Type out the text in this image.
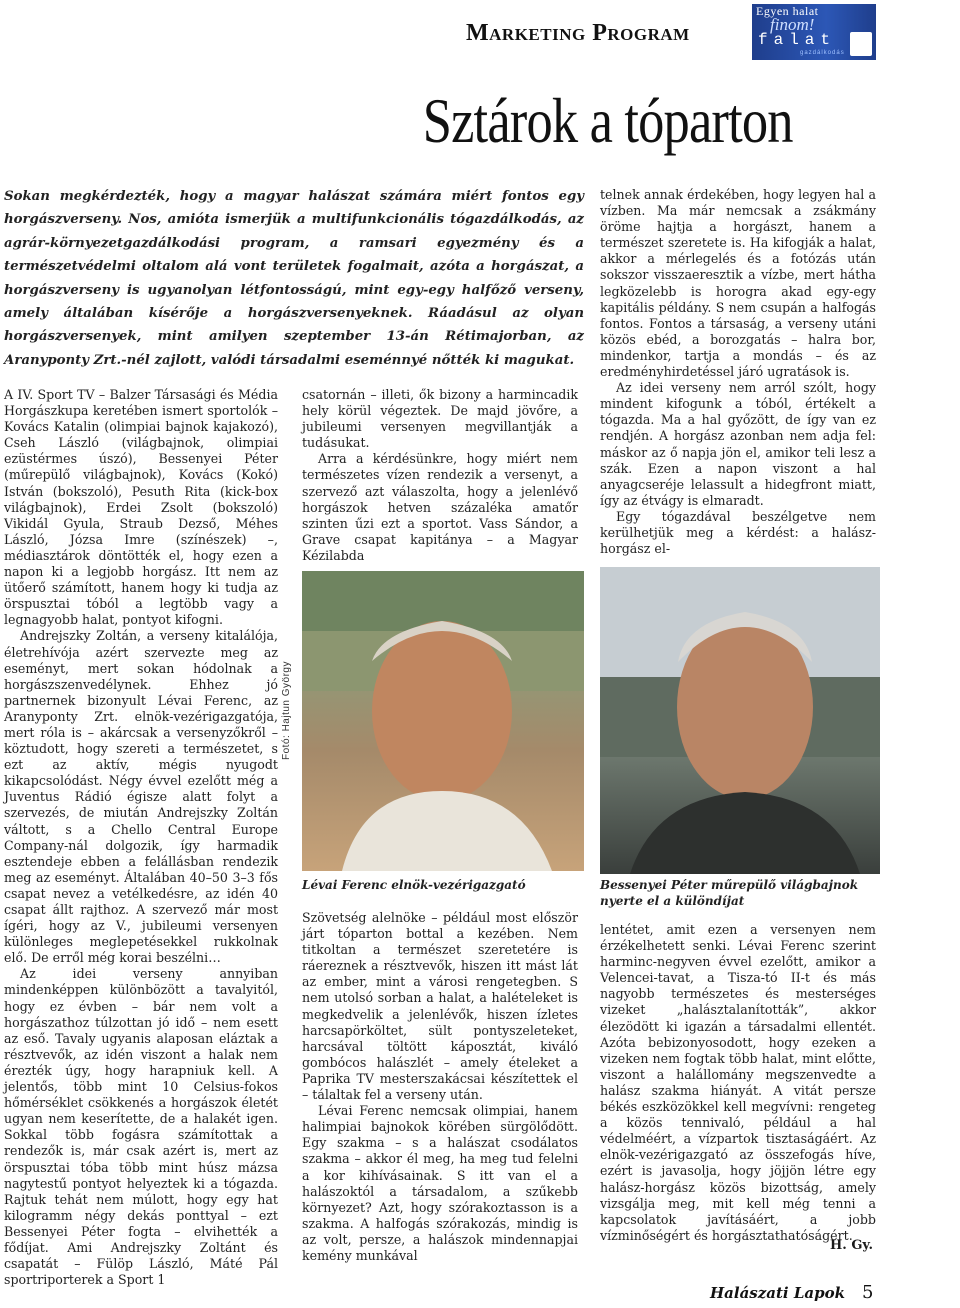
Marketing Program
Egyen halat
finom!
falat
gazdálkodás
Sztárok a tóparton
Sokan megkérdezték, hogy a magyar halászat számára miért fontos egy horgászverseny. Nos, amióta ismerjük a multifunkcionális tógazdálkodás, az agrár-környezetgazdálkodási program, a ramsari egyezmény és a természetvédelmi oltalom alá vont területek fogalmait, azóta a horgászat, a horgászverseny is ugyanolyan létfontosságú, mint egy-egy halfőző verseny, amely általában kísérője a horgászversenyeknek. Ráadásul az olyan horgászversenyek, mint amilyen szeptember 13-án Rétimajorban, az Aranyponty Zrt.-nél zajlott, valódi társadalmi eseménnyé nőtték ki magukat.

A IV. Sport TV – Balzer Társasági és Média Horgászkupa keretében ismert sportolók – Kovács Katalin (olimpiai bajnok kajakozó), Cseh László (világbajnok, olimpiai ezüstérmes úszó), Bessenyei Péter (műrepülő világbajnok), Kovács (Kokó) István (bokszoló), Pesuth Rita (kick-box világbajnok), Erdei Zsolt (bokszoló) Vikidál Gyula, Straub Dezső, Méhes László, Józsa Imre (színészek) –, médiasztárok döntötték el, hogy ezen a napon ki a legjobb horgász. Itt nem az ütőerő számított, hanem hogy ki tudja az örspusztai tóból a legtöbb vagy a legnagyobb halat, pontyot kifogni.

Andrejszky Zoltán, a verseny kitalálója, életrehívója azért szervezte meg az eseményt, mert sokan hódolnak a horgászszenvedélynek. Ehhez jó partnernek bizonyult Lévai Ferenc, az Aranyponty Zrt. elnök-vezérigazgatója, mert róla is – akárcsak a versenyzőkről – köztudott, hogy szereti a természetet, s ezt az aktív, mégis nyugodt kikapcsolódást. Négy évvel ezelőtt még a Juventus Rádió égisze alatt folyt a szervezés, de miután Andrejszky Zoltán váltott, s a Chello Central Europe Company-nál dolgozik, így harmadik esztendeje ebben a felállásban rendezik meg az eseményt. Általában 40–50 3–3 fős csapat nevez a vetélkedésre, az idén 40 csapat állt rajthoz. A szervező már most ígéri, hogy az V., jubileumi versenyen különleges meglepetésekkel rukkolnak elő. De erről még korai beszélni…

Az idei verseny annyiban mindenképpen különbözött a tavalyitól, hogy ez évben – bár nem volt a horgászathoz túlzottan jó idő – nem esett az eső. Tavaly ugyanis alaposan eláztak a résztvevők, az idén viszont a halak nem érezték úgy, hogy harapniuk kell. A jelentős, több mint 10 Celsius-fokos hőmérséklet csökkenés a horgászok életét ugyan nem keserítette, de a halakét igen. Sokkal több fogásra számítottak a rendezők is, már csak azért is, mert az örspusztai tóba több mint húsz mázsa nagytestű pontyot helyeztek ki a tógazda. Rajtuk tehát nem múlott, hogy egy hat kilogramm négy dekás ponttyal – ezt Bessenyei Péter fogta – elvihették a fődíjat. Ami Andrejszky Zoltánt és csapatát – Fülöp László, Máté Pál sportriporterek a Sport 1

csatornán – illeti, ők bizony a harmincadik hely körül végeztek. De majd jövőre, a jubileumi versenyen megvillantják a tudásukat.

Arra a kérdésünkre, hogy miért nem természetes vízen rendezik a versenyt, a szervező azt válaszolta, hogy a jelenlévő horgászok hetven százaléka amatőr szinten űzi ezt a sportot. Vass Sándor, a Grave csapat kapitánya – a Magyar Kézilabda

Fotó: Hajtun György
Lévai Ferenc elnök-vezérigazgató

Szövetség alelnöke – például most először járt tóparton bottal a kezében. Nem titkoltan a természet szeretetére is ráereznek a résztvevők, hiszen itt mást lát az ember, mint a városi rengetegben. S nem utolsó sorban a halat, a halételeket is megkedvelik a jelenlévők, hiszen ízletes harcsapörköltet, sült pontyszeleteket, harcsával töltött káposztát, kiváló gombócos halászlét – amely ételeket a Paprika TV mesterszakácsai készítettek el – tálaltak fel a verseny után.

Lévai Ferenc nemcsak olimpiai, hanem halimpiai bajnokok körében sürgölődött. Egy szakma – s a halászat csodálatos szakma – akkor él meg, ha meg tud felelni a kor kihívásainak. S itt van el a halászoktól a társadalom, a szűkebb környezet? Azt, hogy szórakoztasson is a szakma. A halfogás szórakozás, mindig is az volt, persze, a halászok mindennapjai kemény munkával

telnek annak érdekében, hogy legyen hal a vízben. Ma már nemcsak a zsákmány öröme hajtja a horgászt, hanem a természet szeretete is. Ha kifogják a halat, akkor a mérlegelés és a fotózás után sokszor visszaeresztik a vízbe, mert hátha legközelebb is horogra akad egy-egy kapitális példány. S nem csupán a halfogás fontos. Fontos a társaság, a verseny utáni közös ebéd, a borozgatás – halra bor, mindenkor, tartja a mondás – és az eredményhirdetéssel járó ugratások is.

Az idei verseny nem arról szólt, hogy mindent kifogunk a tóból, értékelt a tógazda. Ma a hal győzött, de így van ez rendjén. A horgász azonban nem adja fel: máskor az ő napja jön el, amikor teli lesz a szák. Ezen a napon viszont a hal anyagcseréje lelassult a hidegfront miatt, így az étvágy is elmaradt.

Egy tógazdával beszélgetve nem kerülhetjük meg a kérdést: a halász-horgász el-

Bessenyei Péter műrepülő világbajnok nyerte el a különdíjat

lentétet, amit ezen a versenyen nem érzékelhetett senki. Lévai Ferenc szerint harminc-negyven évvel ezelőtt, amikor a Velencei-tavat, a Tisza-tó II-t és más nagyobb természetes és mesterséges vizeket „halásztalanították”, akkor élezödött ki igazán a társadalmi ellentét. Azóta bebizonyosodott, hogy ezeken a vizeken nem fogtak több halat, mint előtte, viszont a halállomány megszenvedte a halász szakma hiányát. A vitát persze békés eszközökkel kell megvívni: rengeteg a közös tennivaló, például a hal védelméért, a vízpartok tisztaságáért. Az elnök-vezérigazgató az összefogás híve, ezért is javasolja, hogy jöjjön létre egy halász-horgász közös bizottság, amely vizsgálja meg, mit kell még tenni a kapcsolatok javításáért, a jobb vízminőségért és horgásztathatóságért.

H. Gy.
Halászati Lapok 5
